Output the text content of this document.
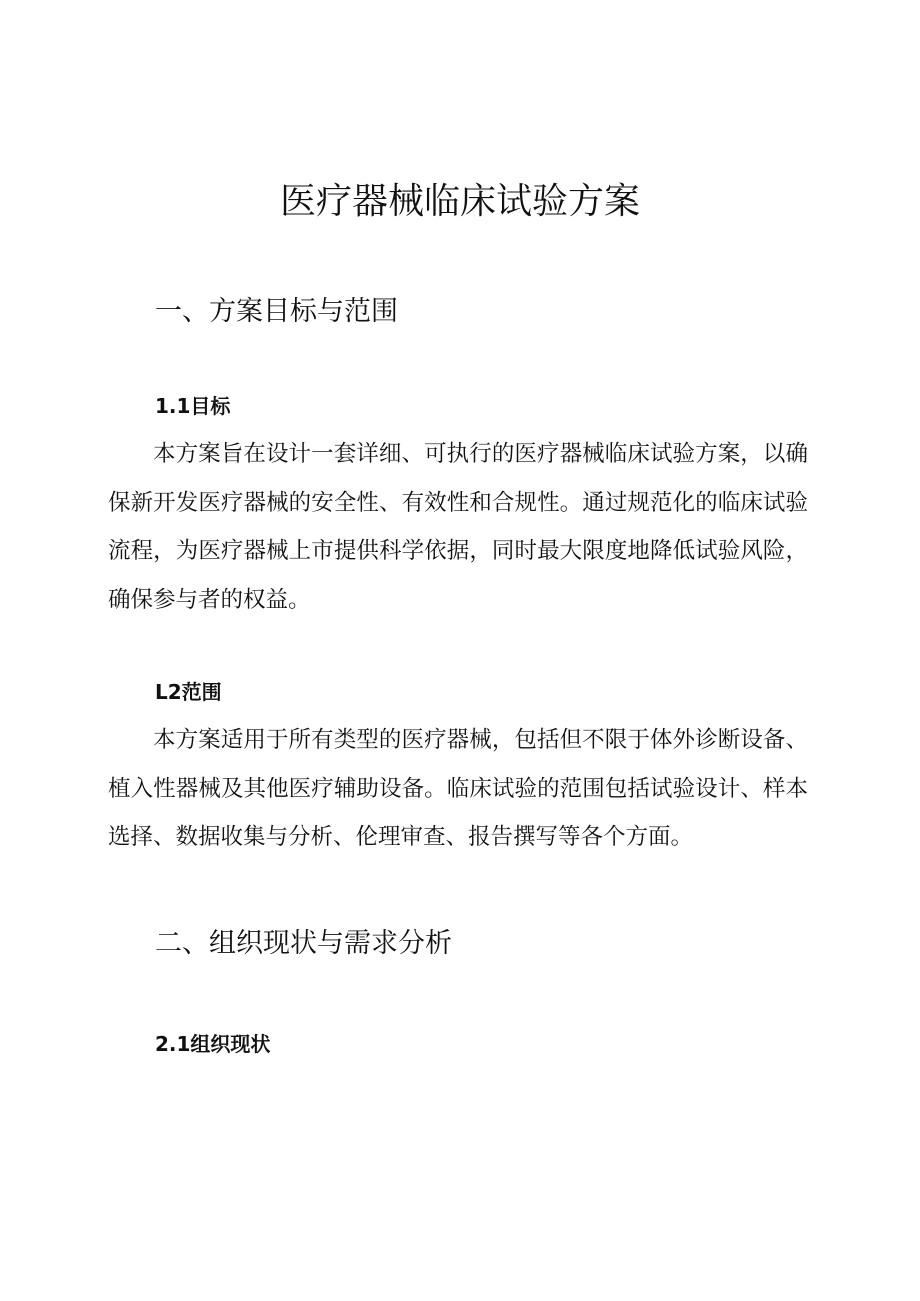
医疗器械临床试验方案
一、方案目标与范围
1.1目标

本方案旨在设计一套详细、可执行的医疗器械临床试验方案，以确保新开发医疗器械的安全性、有效性和合规性。通过规范化的临床试验流程，为医疗器械上市提供科学依据，同时最大限度地降低试验风险，确保参与者的权益。

L2范围

本方案适用于所有类型的医疗器械，包括但不限于体外诊断设备、植入性器械及其他医疗辅助设备。临床试验的范围包括试验设计、样本选择、数据收集与分析、伦理审查、报告撰写等各个方面。

二、组织现状与需求分析
2.1组织现状
